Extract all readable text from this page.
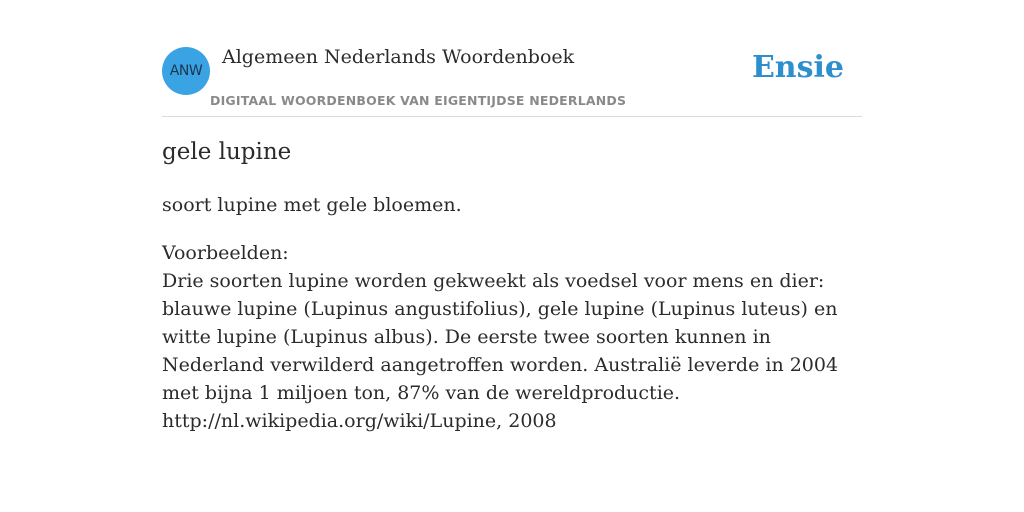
ANW
Algemeen Nederlands Woordenboek
DIGITAAL WOORDENBOEK VAN EIGENTIJDSE NEDERLANDS
Ensie
gele lupine

soort lupine met gele bloemen.

Voorbeelden:
Drie soorten lupine worden gekweekt als voedsel voor mens en dier: blauwe lupine (Lupinus angustifolius), gele lupine (Lupinus luteus) en witte lupine (Lupinus albus). De eerste twee soorten kunnen in Nederland verwilderd aangetroffen worden. Australië leverde in 2004 met bijna 1 miljoen ton, 87% van de wereldproductie.
http://nl.wikipedia.org/wiki/Lupine, 2008
